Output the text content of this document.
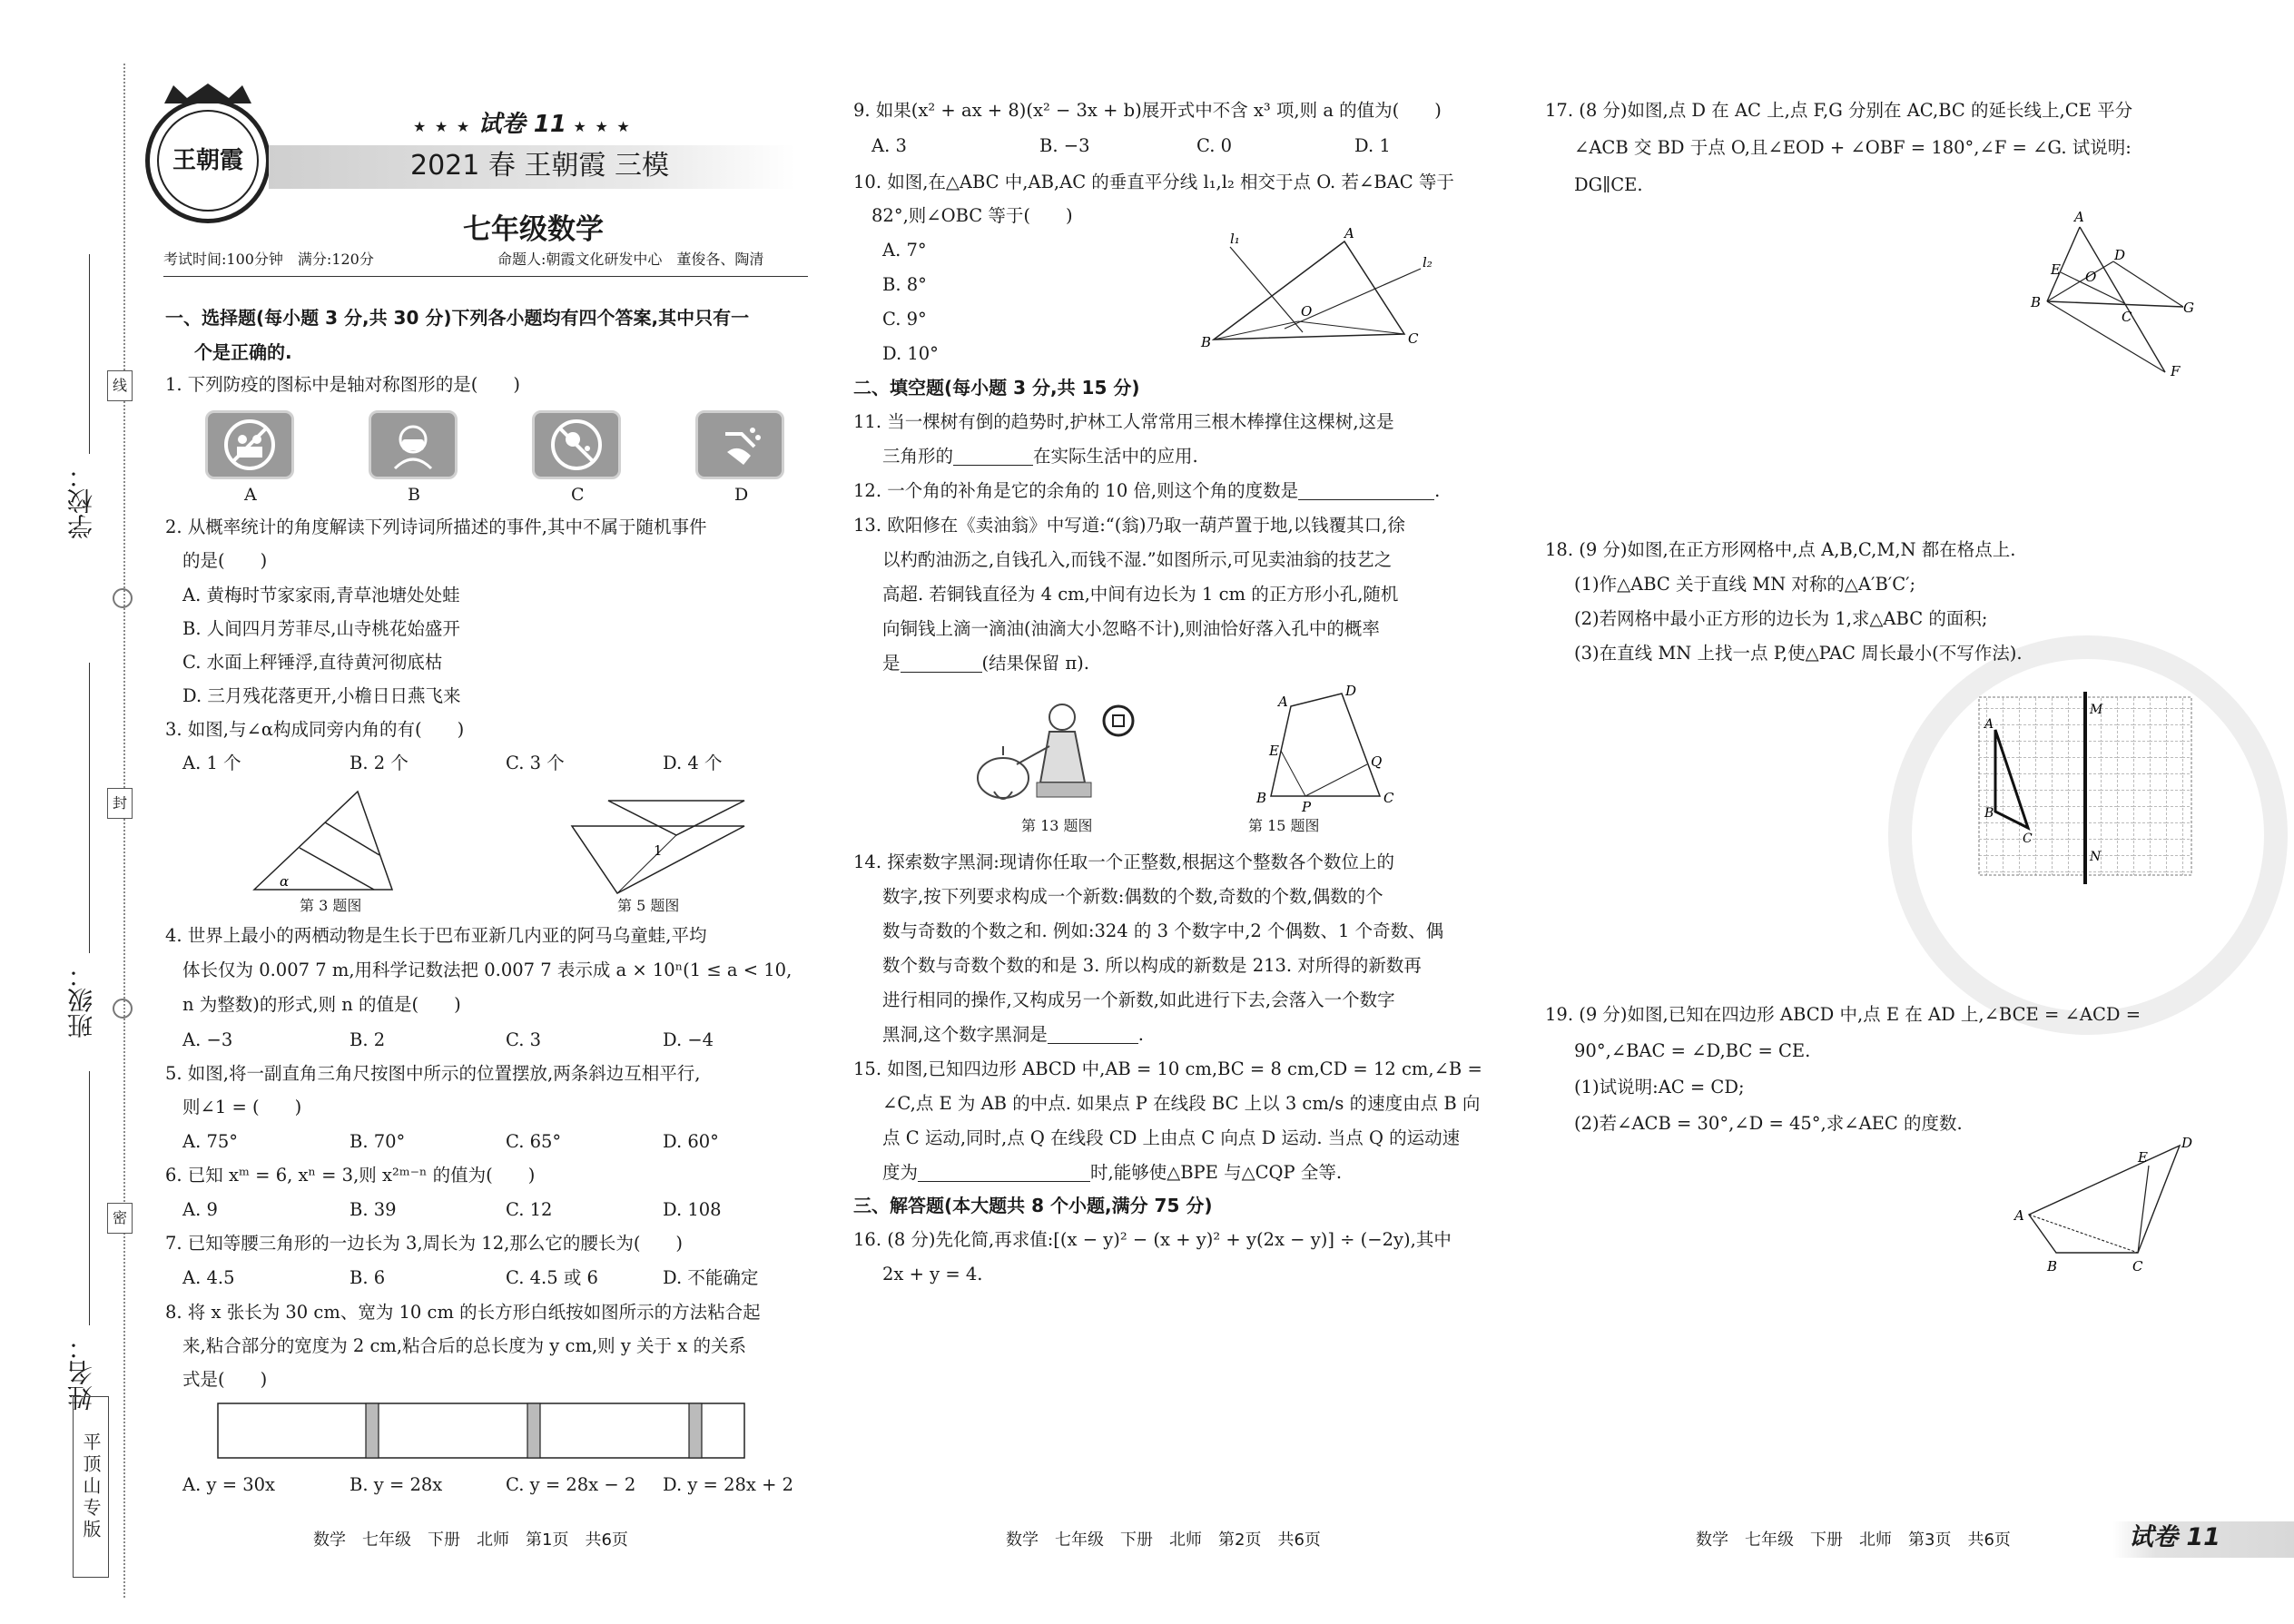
学校：
班级：
姓名：
线
封
密
平顶山专版
王朝霞
★ ★ ★ 试卷 11 ★ ★ ★
2021 春 王朝霞 三模
七年级数学
考试时间:100分钟　满分:120分	命题人:朝霞文化研发中心　董俊各、陶清
一、选择题(每小题 3 分,共 30 分)下列各小题均有四个答案,其中只有一
个是正确的.
1. 下列防疫的图标中是轴对称图形的是(　　)
A	B	C	D
2. 从概率统计的角度解读下列诗词所描述的事件,其中不属于随机事件
的是(　　)
A. 黄梅时节家家雨,青草池塘处处蛙
B. 人间四月芳菲尽,山寺桃花始盛开
C. 水面上秤锤浮,直待黄河彻底枯
D. 三月残花落更开,小檐日日燕飞来
3. 如图,与∠α构成同旁内角的有(　　)
A. 1 个	B. 2 个	C. 3 个	D. 4 个
α
第 3 题图
1
第 5 题图
4. 世界上最小的两栖动物是生长于巴布亚新几内亚的阿马乌童蛙,平均
体长仅为 0.007 7 m,用科学记数法把 0.007 7 表示成 a × 10ⁿ(1 ≤ a < 10,
n 为整数)的形式,则 n 的值是(　　)
A. −3	B. 2	C. 3	D. −4
5. 如图,将一副直角三角尺按图中所示的位置摆放,两条斜边互相平行,
则∠1 = (　　)
A. 75°	B. 70°	C. 65°	D. 60°
6. 已知 xᵐ = 6, xⁿ = 3,则 x²ᵐ⁻ⁿ 的值为(　　)
A. 9	B. 39	C. 12	D. 108
7. 已知等腰三角形的一边长为 3,周长为 12,那么它的腰长为(　　)
A. 4.5	B. 6	C. 4.5 或 6	D. 不能确定
8. 将 x 张长为 30 cm、宽为 10 cm 的长方形白纸按如图所示的方法粘合起
来,粘合部分的宽度为 2 cm,粘合后的总长度为 y cm,则 y 关于 x 的关系
式是(　　)
A. y = 30x	B. y = 28x	C. y = 28x − 2 D. y = 28x + 2
数学　七年级　下册　北师　第1页　共6页
9. 如果(x² + ax + 8)(x² − 3x + b)展开式中不含 x³ 项,则 a 的值为(　　)
A. 3	B. −3	C. 0	D. 1
10. 如图,在△ABC 中,AB,AC 的垂直平分线 l₁,l₂ 相交于点 O. 若∠BAC 等于
82°,则∠OBC 等于(　　)
A. 7°
B. 8°
C. 9°
D. 10°
l₁
l₂
A
B	C
O
二、填空题(每小题 3 分,共 15 分)
11. 当一棵树有倒的趋势时,护林工人常常用三根木棒撑住这棵树,这是
三角形的	在实际生活中的应用.
12. 一个角的补角是它的余角的 10 倍,则这个角的度数是	.
13. 欧阳修在《卖油翁》中写道:“(翁)乃取一葫芦置于地,以钱覆其口,徐
以杓酌油沥之,自钱孔入,而钱不湿.”如图所示,可见卖油翁的技艺之
高超. 若铜钱直径为 4 cm,中间有边长为 1 cm 的正方形小孔,随机
向铜钱上滴一滴油(油滴大小忽略不计),则油恰好落入孔中的概率
是	(结果保留 π).
第 13 题图
A
D
E
Q
B
P
C
第 15 题图
14. 探索数字黑洞:现请你任取一个正整数,根据这个整数各个数位上的
数字,按下列要求构成一个新数:偶数的个数,奇数的个数,偶数的个
数与奇数的个数之和. 例如:324 的 3 个数字中,2 个偶数、1 个奇数、偶
数个数与奇数个数的和是 3. 所以构成的新数是 213. 对所得的新数再
进行相同的操作,又构成另一个新数,如此进行下去,会落入一个数字
黑洞,这个数字黑洞是	.
15. 如图,已知四边形 ABCD 中,AB = 10 cm,BC = 8 cm,CD = 12 cm,∠B =
∠C,点 E 为 AB 的中点. 如果点 P 在线段 BC 上以 3 cm/s 的速度由点 B 向
点 C 运动,同时,点 Q 在线段 CD 上由点 C 向点 D 运动. 当点 Q 的运动速
度为	时,能够使△BPE 与△CQP 全等.
三、解答题(本大题共 8 个小题,满分 75 分)
16. (8 分)先化简,再求值:[(x − y)² − (x + y)² + y(2x − y)] ÷ (−2y),其中
2x + y = 4.
数学　七年级　下册　北师　第2页　共6页
17. (8 分)如图,点 D 在 AC 上,点 F,G 分别在 AC,BC 的延长线上,CE 平分
∠ACB 交 BD 于点 O,且∠EOD + ∠OBF = 180°,∠F = ∠G. 试说明:
DG∥CE.
A
D
E O
B
C
G
F
18. (9 分)如图,在正方形网格中,点 A,B,C,M,N 都在格点上.
(1)作△ABC 关于直线 MN 对称的△A′B′C′;
(2)若网格中最小正方形的边长为 1,求△ABC 的面积;
(3)在直线 MN 上找一点 P,使△PAC 周长最小(不写作法).
A
B
C
M
N
19. (9 分)如图,已知在四边形 ABCD 中,点 E 在 AD 上,∠BCE = ∠ACD =
90°,∠BAC = ∠D,BC = CE.
(1)试说明:AC = CD;
(2)若∠ACB = 30°,∠D = 45°,求∠AEC 的度数.
A
B	C
D
E
数学　七年级　下册　北师　第3页　共6页	试卷 11
